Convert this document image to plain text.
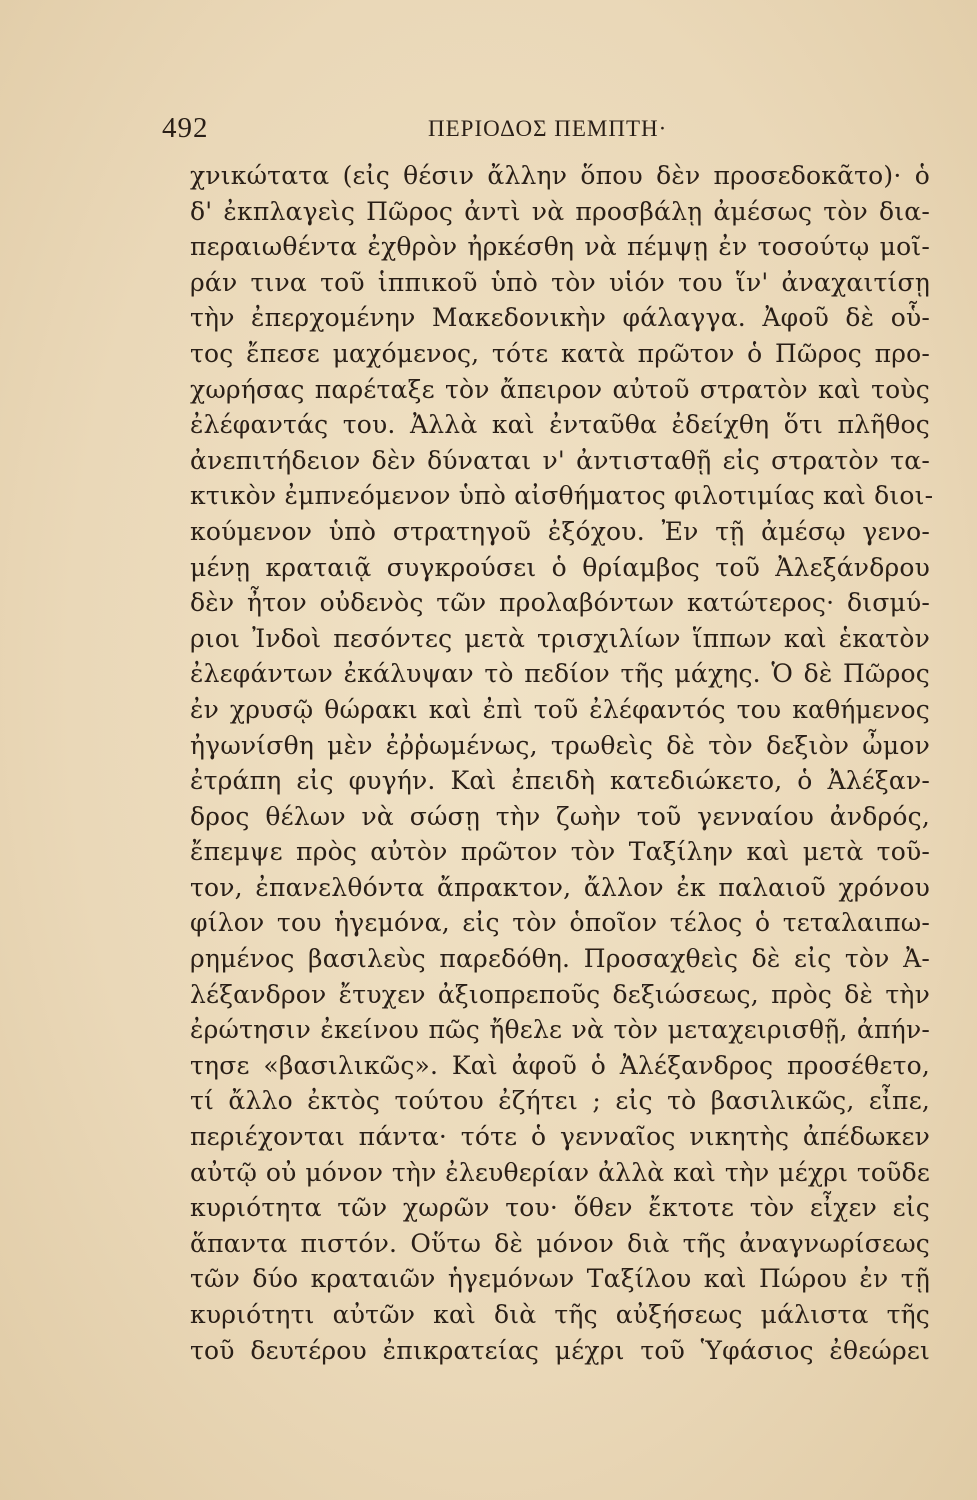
492	ΠΕΡΙΟΔΟΣ ΠΕΜΠΤΗ·
χνικώτατα (εἰς θέσιν ἄλλην ὅπου δὲν προσεδοκᾶτο)· ὁ
δ' ἐκπλαγεὶς Πῶρος ἀντὶ νὰ προσβάλῃ ἀμέσως τὸν δια-
περαιωθέντα ἐχθρὸν ἠρκέσθη νὰ πέμψῃ ἐν τοσούτῳ μοῖ-
ράν τινα τοῦ ἱππικοῦ ὑπὸ τὸν υἱόν του ἵν' ἀναχαιτίσῃ
τὴν ἐπερχομένην Μακεδονικὴν φάλαγγα. Ἀφοῦ δὲ οὗ-
τος ἔπεσε μαχόμενος, τότε κατὰ πρῶτον ὁ Πῶρος προ-
χωρήσας παρέταξε τὸν ἄπειρον αὐτοῦ στρατὸν καὶ τοὺς
ἐλέφαντάς του. Ἀλλὰ καὶ ἐνταῦθα ἐδείχθη ὅτι πλῆθος
ἀνεπιτήδειον δὲν δύναται ν' ἀντισταθῇ εἰς στρατὸν τα-
κτικὸν ἐμπνεόμενον ὑπὸ αἰσθήματος φιλοτιμίας καὶ διοι-
κούμενον ὑπὸ στρατηγοῦ ἐξόχου. Ἐν τῇ ἀμέσῳ γενο-
μένῃ κραταιᾷ συγκρούσει ὁ θρίαμβος τοῦ Ἀλεξάνδρου
δὲν ἦτον οὐδενὸς τῶν προλαβόντων κατώτερος· δισμύ-
ριοι Ἰνδοὶ πεσόντες μετὰ τρισχιλίων ἵππων καὶ ἑκατὸν
ἐλεφάντων ἐκάλυψαν τὸ πεδίον τῆς μάχης. Ὁ δὲ Πῶρος
ἐν χρυσῷ θώρακι καὶ ἐπὶ τοῦ ἐλέφαντός του καθήμενος
ἠγωνίσθη μὲν ἐῤῥωμένως, τρωθεὶς δὲ τὸν δεξιὸν ὦμον
ἐτράπη εἰς φυγήν. Καὶ ἐπειδὴ κατεδιώκετο, ὁ Ἀλέξαν-
δρος θέλων νὰ σώσῃ τὴν ζωὴν τοῦ γενναίου ἀνδρός,
ἔπεμψε πρὸς αὐτὸν πρῶτον τὸν Ταξίλην καὶ μετὰ τοῦ-
τον, ἐπανελθόντα ἄπρακτον, ἄλλον ἐκ παλαιοῦ χρόνου
φίλον του ἡγεμόνα, εἰς τὸν ὁποῖον τέλος ὁ τεταλαιπω-
ρημένος βασιλεὺς παρεδόθη. Προσαχθεὶς δὲ εἰς τὸν Ἀ-
λέξανδρον ἔτυχεν ἀξιοπρεποῦς δεξιώσεως, πρὸς δὲ τὴν
ἐρώτησιν ἐκείνου πῶς ἤθελε νὰ τὸν μεταχειρισθῇ, ἀπήν-
τησε «βασιλικῶς». Καὶ ἀφοῦ ὁ Ἀλέξανδρος προσέθετο,
τί ἄλλο ἐκτὸς τούτου ἐζήτει ; εἰς τὸ βασιλικῶς, εἶπε,
περιέχονται πάντα· τότε ὁ γενναῖος νικητὴς ἀπέδωκεν
αὐτῷ οὐ μόνον τὴν ἐλευθερίαν ἀλλὰ καὶ τὴν μέχρι τοῦδε
κυριότητα τῶν χωρῶν του· ὅθεν ἔκτοτε τὸν εἶχεν εἰς
ἅπαντα πιστόν. Οὕτω δὲ μόνον διὰ τῆς ἀναγνωρίσεως
τῶν δύο κραταιῶν ἡγεμόνων Ταξίλου καὶ Πώρου ἐν τῇ
κυριότητι αὐτῶν καὶ διὰ τῆς αὐξήσεως μάλιστα τῆς
τοῦ δευτέρου ἐπικρατείας μέχρι τοῦ Ὑφάσιος ἐθεώρει
